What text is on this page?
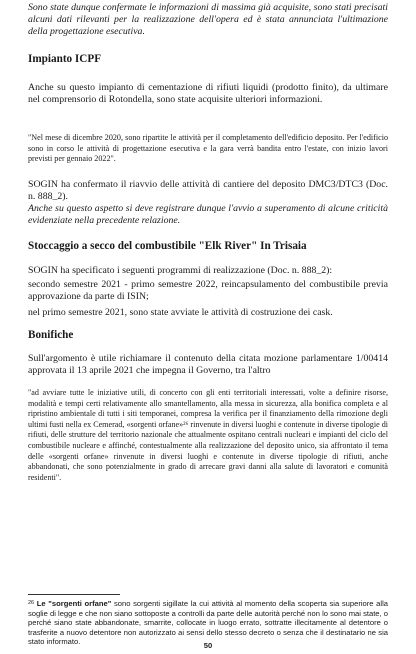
Sono state dunque confermate le informazioni di massima già acquisite, sono stati precisati alcuni dati rilevanti per la realizzazione dell'opera ed è stata annunciata l'ultimazione della progettazione esecutiva.

Impianto ICPF

Anche su questo impianto di cementazione di rifiuti liquidi (prodotto finito), da ultimare nel comprensorio di Rotondella, sono state acquisite ulteriori informazioni.

"Nel mese di dicembre 2020, sono ripartite le attività per il completamento dell'edificio deposito. Per l'edificio sono in corso le attività di progettazione esecutiva e la gara verrà bandita entro l'estate, con inizio lavori previsti per gennaio 2022".

SOGIN ha confermato il riavvio delle attività di cantiere del deposito DMC3/DTC3 (Doc. n. 888_2).

Anche su questo aspetto si deve registrare dunque l'avvio a superamento di alcune criticità evidenziate nella precedente relazione.

Stoccaggio a secco del combustibile "Elk River" In Trisaia

SOGIN ha specificato i seguenti programmi di realizzazione (Doc. n. 888_2):

secondo semestre 2021 - primo semestre 2022, reincapsulamento del combustibile previa approvazione da parte di ISIN;

nel primo semestre 2021, sono state avviate le attività di costruzione dei cask.

Bonifiche

Sull'argomento è utile richiamare il contenuto della citata mozione parlamentare 1/00414 approvata il 13 aprile 2021 che impegna il Governo, tra l'altro

"ad avviare tutte le iniziative utili, di concerto con gli enti territoriali interessati, volte a definire risorse, modalità e tempi certi relativamente allo smantellamento, alla messa in sicurezza, alla bonifica completa e al ripristino ambientale di tutti i siti temporanei, compresa la verifica per il finanziamento della rimozione degli ultimi fusti nella ex Cemerad, «sorgenti orfane»²⁶ rinvenute in diversi luoghi e contenute in diverse tipologie di rifiuti, delle strutture del territorio nazionale che attualmente ospitano centrali nucleari e impianti del ciclo del combustibile nucleare e affinché, contestualmente alla realizzazione del deposito unico, sia affrontato il tema delle «sorgenti orfane» rinvenute in diversi luoghi e contenute in diverse tipologie di rifiuti, anche abbandonati, che sono potenzialmente in grado di arrecare gravi danni alla salute di lavoratori e comunità residenti".

$^{26}$ Le "sorgenti orfane" sono sorgenti sigillate la cui attività al momento della scoperta sia superiore alla soglie di legge e che non siano sottoposte a controlli da parte delle autorità perché non lo sono mai state, o perché siano state abbandonate, smarrite, collocate in luogo errato, sottratte illecitamente al detentore o trasferite a nuovo detentore non autorizzato ai sensi dello stesso decreto o senza che il destinatario ne sia stato informato.	50
